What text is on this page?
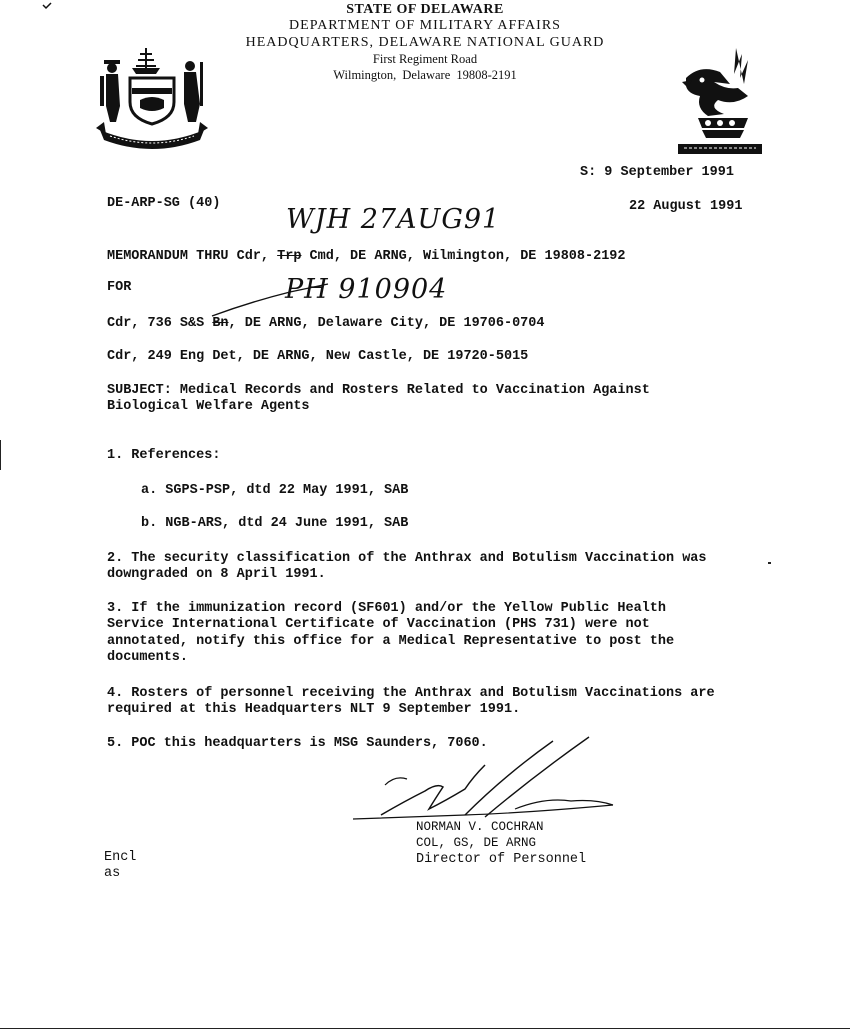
STATE OF DELAWARE
DEPARTMENT OF MILITARY AFFAIRS
HEADQUARTERS, DELAWARE NATIONAL GUARD
First Regiment Road
Wilmington, Delaware 19808-2191
S: 9 September 1991
DE-ARP-SG (40)	22 August 1991
WJH 27AUG91
PH 910904
MEMORANDUM THRU Cdr, Trp Cmd, DE ARNG, Wilmington, DE 19808-2192
FOR
Cdr, 736 S&S Bn, DE ARNG, Delaware City, DE 19706-0704
Cdr, 249 Eng Det, DE ARNG, New Castle, DE 19720-5015
SUBJECT: Medical Records and Rosters Related to Vaccination Against
Biological Welfare Agents
1. References:
a. SGPS-PSP, dtd 22 May 1991, SAB
b. NGB-ARS, dtd 24 June 1991, SAB
2. The security classification of the Anthrax and Botulism Vaccination was
downgraded on 8 April 1991.
3. If the immunization record (SF601) and/or the Yellow Public Health
Service International Certificate of Vaccination (PHS 731) were not
annotated, notify this office for a Medical Representative to post the
documents.
4. Rosters of personnel receiving the Anthrax and Botulism Vaccinations are
required at this Headquarters NLT 9 September 1991.
5. POC this headquarters is MSG Saunders, 7060.
NORMAN V. COCHRAN
COL, GS, DE ARNG
Director of Personnel
Encl
as
